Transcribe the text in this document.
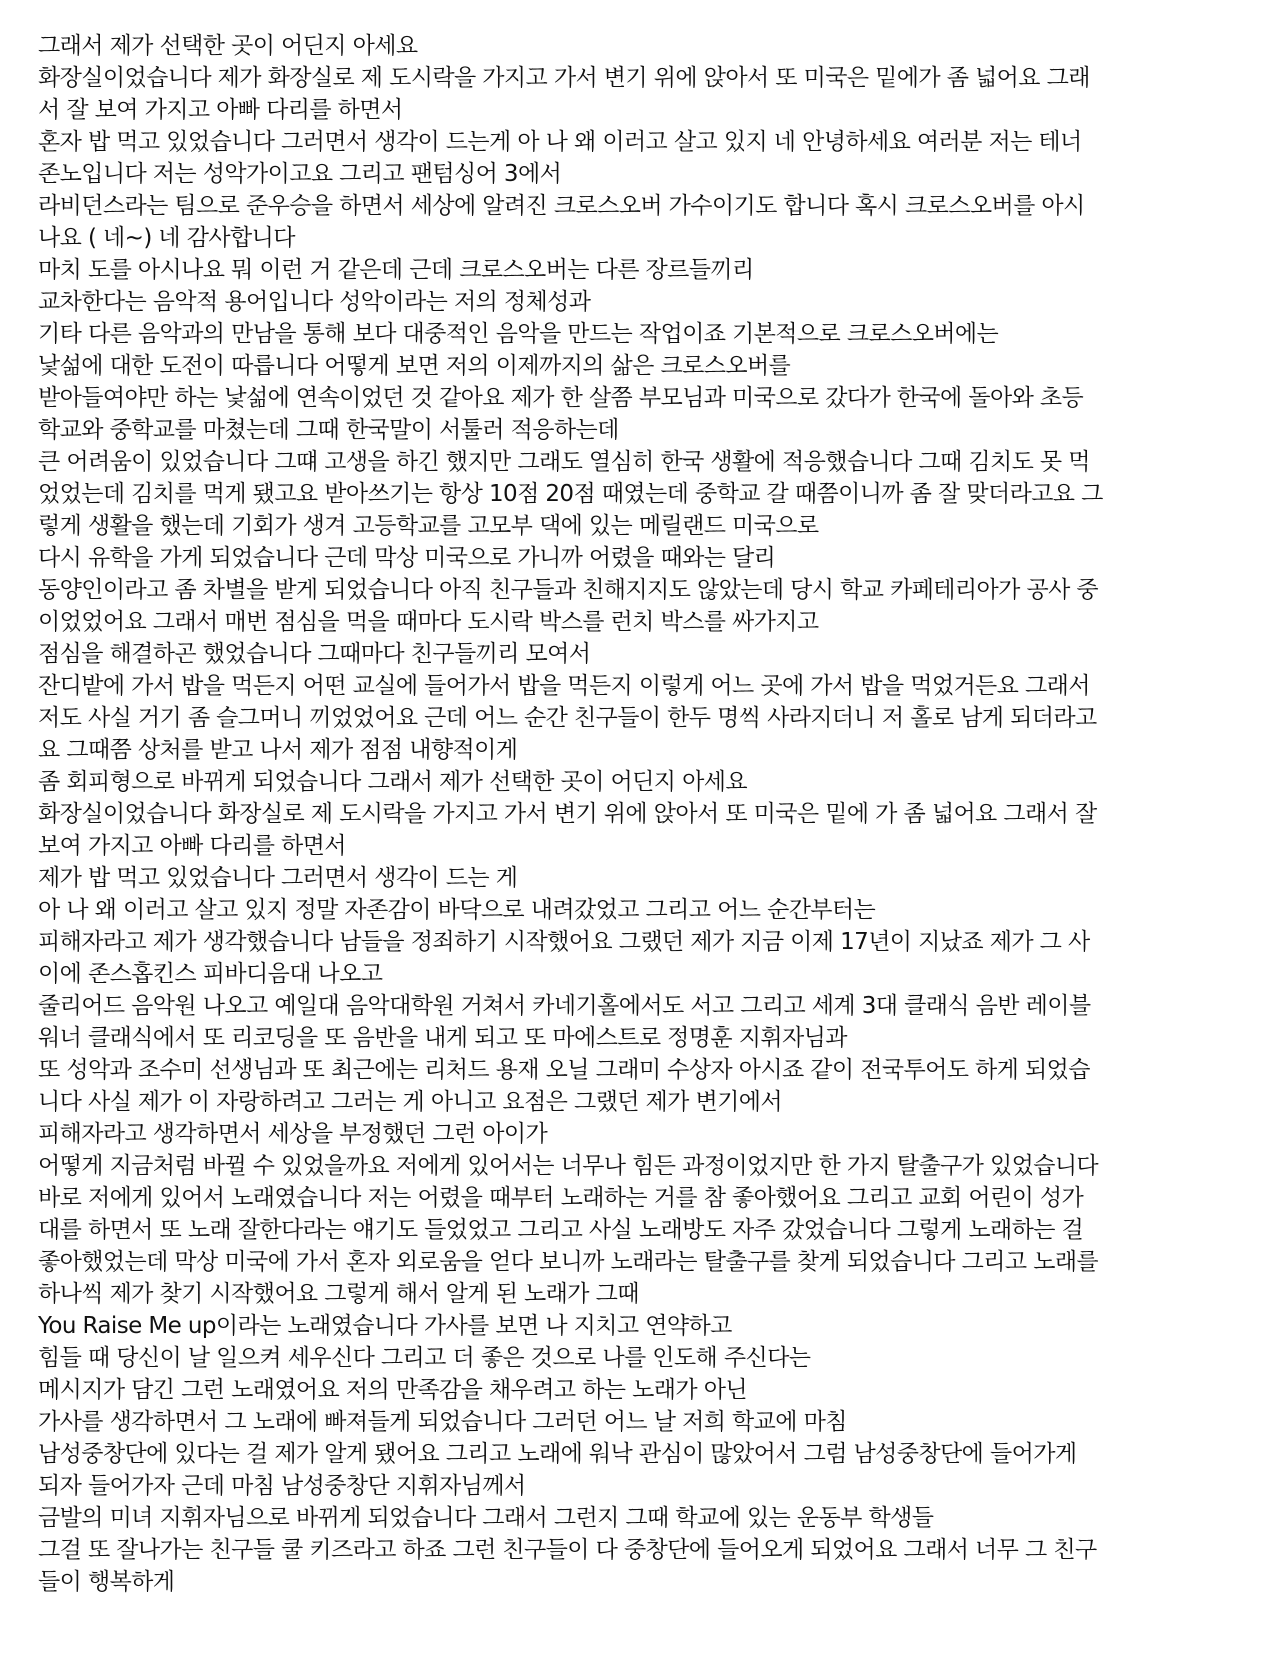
그래서 제가 선택한 곳이 어딘지 아세요
화장실이었습니다 제가 화장실로 제 도시락을 가지고 가서 변기 위에 앉아서 또 미국은 밑에가 좀 넓어요 그래
서 잘 보여 가지고 아빠 다리를 하면서
혼자 밥 먹고 있었습니다 그러면서 생각이 드는게 아 나 왜 이러고 살고 있지 네 안녕하세요 여러분 저는 테너
존노입니다 저는 성악가이고요 그리고 팬텀싱어 3에서
라비던스라는 팀으로 준우승을 하면서 세상에 알려진 크로스오버 가수이기도 합니다 혹시 크로스오버를 아시
나요 ( 네~) 네 감사합니다
마치 도를 아시나요 뭐 이런 거 같은데 근데 크로스오버는 다른 장르들끼리
교차한다는 음악적 용어입니다 성악이라는 저의 정체성과
기타 다른 음악과의 만남을 통해 보다 대중적인 음악을 만드는 작업이죠 기본적으로 크로스오버에는
낯섦에 대한 도전이 따릅니다 어떻게 보면 저의 이제까지의 삶은 크로스오버를
받아들여야만 하는 낯섦에 연속이었던 것 같아요 제가 한 살쯤 부모님과 미국으로 갔다가 한국에 돌아와 초등
학교와 중학교를 마쳤는데 그때 한국말이 서툴러 적응하는데
큰 어려움이 있었습니다 그떄 고생을 하긴 했지만 그래도 열심히 한국 생활에 적응했습니다 그때 김치도 못 먹
었었는데 김치를 먹게 됐고요 받아쓰기는 항상 10점 20점 때였는데 중학교 갈 때쯤이니까 좀 잘 맞더라고요 그
렇게 생활을 했는데 기회가 생겨 고등학교를 고모부 댁에 있는 메릴랜드 미국으로
다시 유학을 가게 되었습니다 근데 막상 미국으로 가니까 어렸을 때와는 달리
동양인이라고 좀 차별을 받게 되었습니다 아직 친구들과 친해지지도 않았는데 당시 학교 카페테리아가 공사 중
이었었어요 그래서 매번 점심을 먹을 때마다 도시락 박스를 런치 박스를 싸가지고
점심을 해결하곤 했었습니다 그때마다 친구들끼리 모여서
잔디밭에 가서 밥을 먹든지 어떤 교실에 들어가서 밥을 먹든지 이렇게 어느 곳에 가서 밥을 먹었거든요 그래서
저도 사실 거기 좀 슬그머니 끼었었어요 근데 어느 순간 친구들이 한두 명씩 사라지더니 저 홀로 남게 되더라고
요 그때쯤 상처를 받고 나서 제가 점점 내향적이게
좀 회피형으로 바뀌게 되었습니다 그래서 제가 선택한 곳이 어딘지 아세요
화장실이었습니다 화장실로 제 도시락을 가지고 가서 변기 위에 앉아서 또 미국은 밑에 가 좀 넓어요 그래서 잘
보여 가지고 아빠 다리를 하면서
제가 밥 먹고 있었습니다 그러면서 생각이 드는 게
아 나 왜 이러고 살고 있지 정말 자존감이 바닥으로 내려갔었고 그리고 어느 순간부터는
피해자라고 제가 생각했습니다 남들을 정죄하기 시작했어요 그랬던 제가 지금 이제 17년이 지났죠 제가 그 사
이에 존스홉킨스 피바디음대 나오고
줄리어드 음악원 나오고 예일대 음악대학원 거쳐서 카네기홀에서도 서고 그리고 세계 3대 클래식 음반 레이블
워너 클래식에서 또 리코딩을 또 음반을 내게 되고 또 마에스트로 정명훈 지휘자님과
또 성악과 조수미 선생님과 또 최근에는 리처드 용재 오닐 그래미 수상자 아시죠 같이 전국투어도 하게 되었습
니다 사실 제가 이 자랑하려고 그러는 게 아니고 요점은 그랬던 제가 변기에서
피해자라고 생각하면서 세상을 부정했던 그런 아이가
어떻게 지금처럼 바뀔 수 있었을까요 저에게 있어서는 너무나 힘든 과정이었지만 한 가지 탈출구가 있었습니다
바로 저에게 있어서 노래였습니다 저는 어렸을 때부터 노래하는 거를 참 좋아했어요 그리고 교회 어린이 성가
대를 하면서 또 노래 잘한다라는 얘기도 들었었고 그리고 사실 노래방도 자주 갔었습니다 그렇게 노래하는 걸
좋아했었는데 막상 미국에 가서 혼자 외로움을 얻다 보니까 노래라는 탈출구를 찾게 되었습니다 그리고 노래를
하나씩 제가 찾기 시작했어요 그렇게 해서 알게 된 노래가 그때
You Raise Me up이라는 노래였습니다 가사를 보면 나 지치고 연약하고
힘들 때 당신이 날 일으켜 세우신다 그리고 더 좋은 것으로 나를 인도해 주신다는
메시지가 담긴 그런 노래였어요 저의 만족감을 채우려고 하는 노래가 아닌
가사를 생각하면서 그 노래에 빠져들게 되었습니다 그러던 어느 날 저희 학교에 마침
남성중창단에 있다는 걸 제가 알게 됐어요 그리고 노래에 워낙 관심이 많았어서 그럼 남성중창단에 들어가게
되자 들어가자 근데 마침 남성중창단 지휘자님께서
금발의 미녀 지휘자님으로 바뀌게 되었습니다 그래서 그런지 그때 학교에 있는 운동부 학생들
그걸 또 잘나가는 친구들 쿨 키즈라고 하죠 그런 친구들이 다 중창단에 들어오게 되었어요 그래서 너무 그 친구
들이 행복하게
